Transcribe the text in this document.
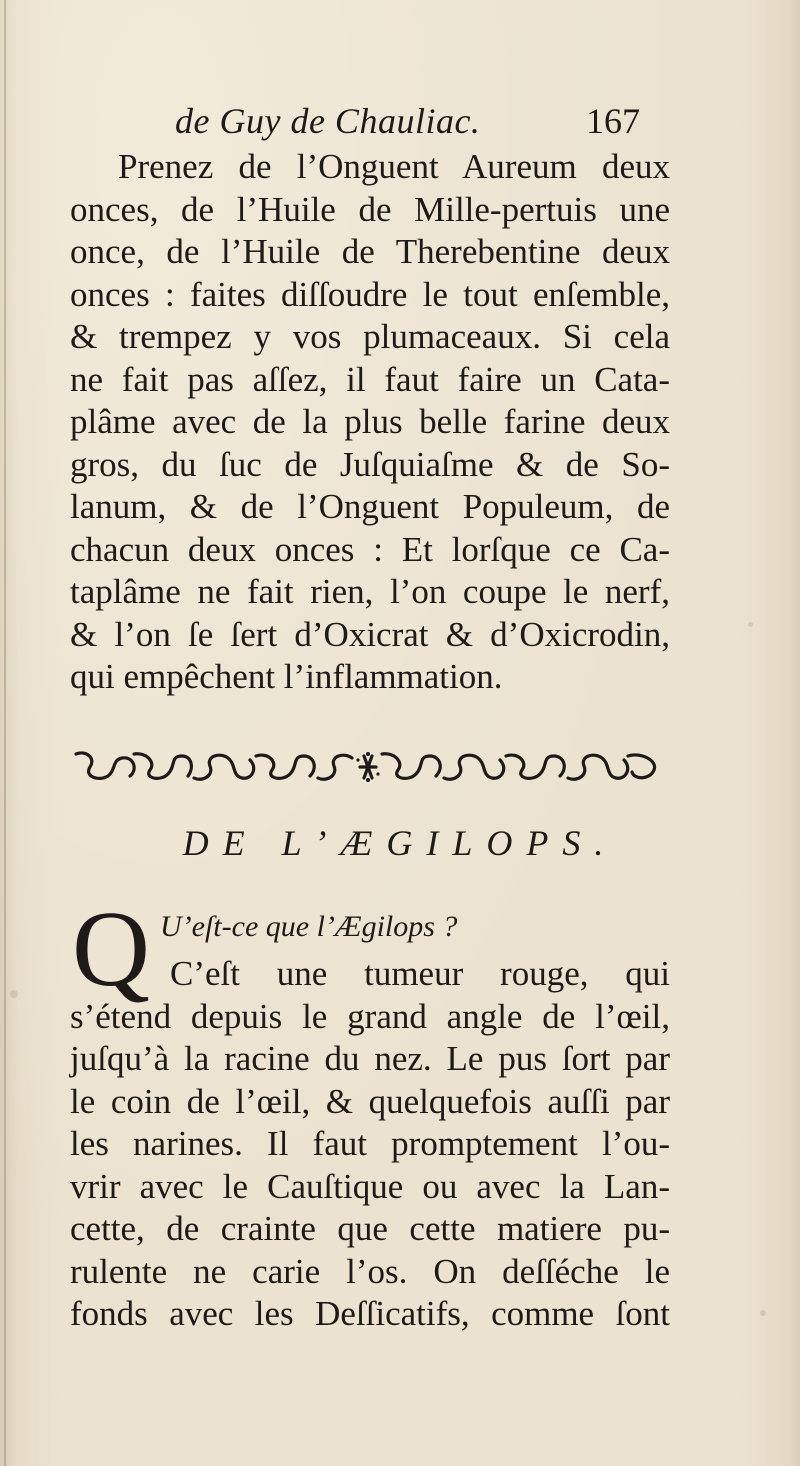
de Guy de Chauliac.	167
Prenez de l’Onguent Aureum deux
onces, de l’Huile de Mille-pertuis une
once, de l’Huile de Therebentine deux
onces : faites diſſoudre le tout enſemble,
& trempez y vos plumaceaux. Si cela
ne fait pas aſſez, il faut faire un Cata-
plâme avec de la plus belle farine deux
gros, du ſuc de Juſquiaſme & de So-
lanum, & de l’Onguent Populeum, de
chacun deux onces : Et lorſque ce Ca-
taplâme ne fait rien, l’on coupe le nerf,
& l’on ſe ſert d’Oxicrat & d’Oxicrodin,
qui empêchent l’inflammation.
DE L’ÆGILOPS.
Q U’eſt-ce que l’Ægilops ?
C’eſt une tumeur rouge, qui
s’étend depuis le grand angle de l’œil,
juſqu’à la racine du nez. Le pus ſort par
le coin de l’œil, & quelquefois auſſi par
les narines. Il faut promptement l’ou-
vrir avec le Cauſtique ou avec la Lan-
cette, de crainte que cette matiere pu-
rulente ne carie l’os. On deſſéche le
fonds avec les Deſſicatifs, comme ſont
